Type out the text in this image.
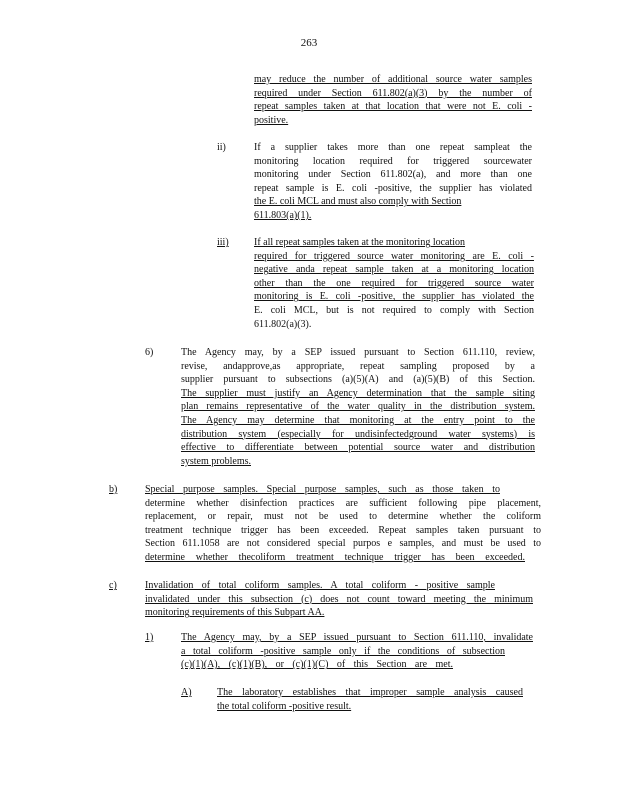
263
may reduce the number of additional source water samples
required under Section 611.802(a)(3) by the number of
repeat samples taken at that location that were not E. coli -
positive.
ii)	If a supplier takes more than one repeat sampleat the
monitoring location required for triggered sourcewater
monitoring under Section 611.802(a), and more than one
repeat sample is E. coli -positive, the supplier has violated
the E. coli MCL and must also comply with Section
611.803(a)(1).
iii)	If all repeat samples taken at the monitoring location
required for triggered source water monitoring are E. coli -
negative anda repeat sample taken at a monitoring location
other than the one required for triggered source water
monitoring is E. coli -positive, the supplier has violated the
E. coli MCL, but is not required to comply with Section
611.802(a)(3).
6)	The Agency may, by a SEP issued pursuant to Section 611.110, review,
revise, andapprove,as appropriate, repeat sampling proposed by a
supplier pursuant to subsections (a)(5)(A) and (a)(5)(B) of this Section.
The supplier must justify an Agency determination that the sample siting
plan remains representative of the water quality in the distribution system.
The Agency may determine that monitoring at the entry point to the
distribution system (especially for undisinfectedground water systems) is
effective to differentiate between potential source water and distribution
system problems.
b)	Special purpose samples. Special purpose samples, such as those taken to
determine whether disinfection practices are sufficient following pipe placement,
replacement, or repair, must not be used to determine whether the coliform
treatment technique trigger has been exceeded. Repeat samples taken pursuant to
Section 611.1058 are not considered special purpos e samples, and must be used to
determine whether thecoliform treatment technique trigger has been exceeded.
c)	Invalidation of total coliform samples. A total coliform - positive sample
invalidated under this subsection (c) does not count toward meeting the minimum
monitoring requirements of this Subpart AA.
1)	The Agency may, by a SEP issued pursuant to Section 611.110, invalidate
a total coliform -positive sample only if the conditions of subsection
(c)(1)(A), (c)(1)(B), or (c)(1)(C) of this Section are met.
A)	The laboratory establishes that improper sample analysis caused
the total coliform -positive result.
